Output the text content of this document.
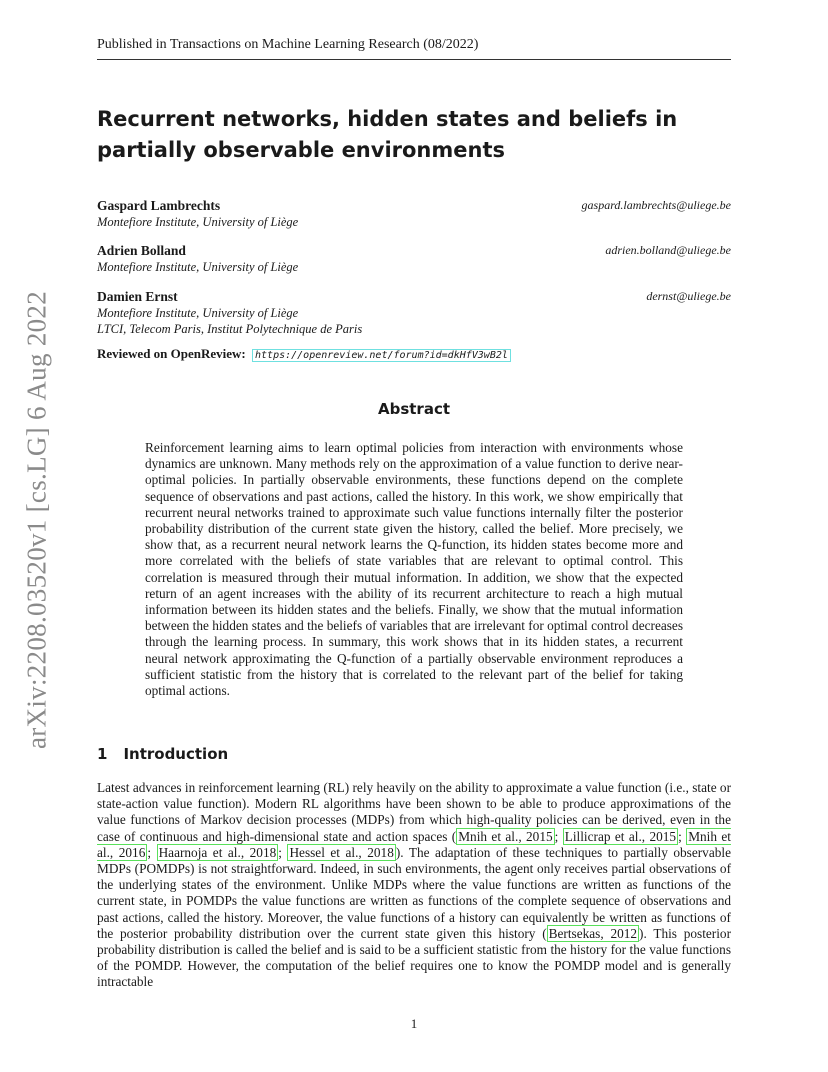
Published in Transactions on Machine Learning Research (08/2022)
arXiv:2208.03520v1 [cs.LG] 6 Aug 2022
Recurrent networks, hidden states and beliefs in partially observable environments
Gaspard Lambrechts
Montefiore Institute, University of Liège
gaspard.lambrechts@uliege.be
Adrien Bolland
Montefiore Institute, University of Liège
adrien.bolland@uliege.be
Damien Ernst
Montefiore Institute, University of Liège
LTCI, Telecom Paris, Institut Polytechnique de Paris
dernst@uliege.be
Reviewed on OpenReview: https://openreview.net/forum?id=dkHfV3wB2l
Abstract

Reinforcement learning aims to learn optimal policies from interaction with environments whose dynamics are unknown. Many methods rely on the approximation of a value function to derive near-optimal policies. In partially observable environments, these functions depend on the complete sequence of observations and past actions, called the history. In this work, we show empirically that recurrent neural networks trained to approximate such value functions internally filter the posterior probability distribution of the current state given the history, called the belief. More precisely, we show that, as a recurrent neural network learns the Q-function, its hidden states become more and more correlated with the beliefs of state variables that are relevant to optimal control. This correlation is measured through their mutual information. In addition, we show that the expected return of an agent increases with the ability of its recurrent architecture to reach a high mutual information between its hidden states and the beliefs. Finally, we show that the mutual information between the hidden states and the beliefs of variables that are irrelevant for optimal control decreases through the learning process. In summary, this work shows that in its hidden states, a recurrent neural network approximating the Q-function of a partially observable environment reproduces a sufficient statistic from the history that is correlated to the relevant part of the belief for taking optimal actions.

1 Introduction

Latest advances in reinforcement learning (RL) rely heavily on the ability to approximate a value function (i.e., state or state-action value function). Modern RL algorithms have been shown to be able to produce approximations of the value functions of Markov decision processes (MDPs) from which high-quality policies can be derived, even in the case of continuous and high-dimensional state and action spaces ( Mnih et al., 2015 ; Lillicrap et al., 2015 ; Mnih et al., 2016 ; Haarnoja et al., 2018 ; Hessel et al., 2018 ). The adaptation of these techniques to partially observable MDPs (POMDPs) is not straightforward. Indeed, in such environments, the agent only receives partial observations of the underlying states of the environment. Unlike MDPs where the value functions are written as functions of the current state, in POMDPs the value functions are written as functions of the complete sequence of observations and past actions, called the history. Moreover, the value functions of a history can equivalently be written as functions of the posterior probability distribution over the current state given this history ( Bertsekas, 2012 ). This posterior probability distribution is called the belief and is said to be a sufficient statistic from the history for the value functions of the POMDP. However, the computation of the belief requires one to know the POMDP model and is generally intractable

1
